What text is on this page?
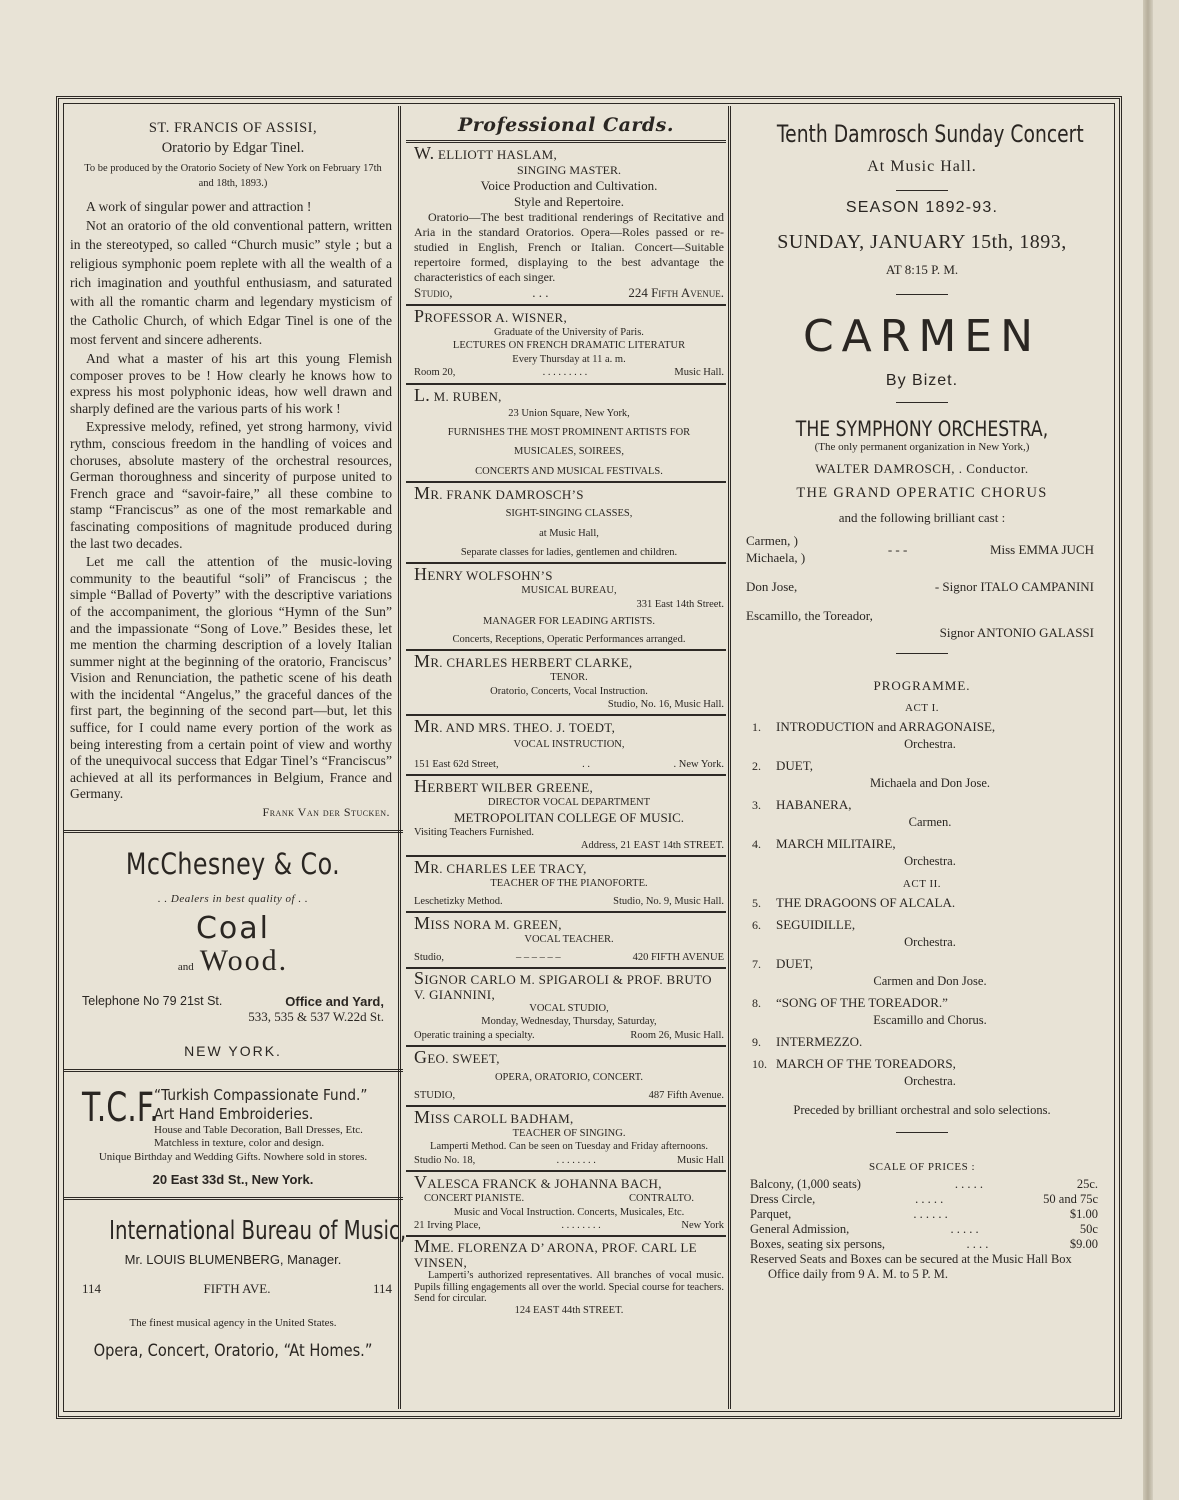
ST. FRANCIS OF ASSISI,
Oratorio by Edgar Tinel.
To be produced by the Oratorio Society of New York on February 17th and 18th, 1893.)

A work of singular power and attraction !

Not an oratorio of the old conventional pattern, written in the stereotyped, so called “Church music” style ; but a religious symphonic poem replete with all the wealth of a rich imagination and youthful enthusiasm, and saturated with all the romantic charm and legendary mysticism of the Catholic Church, of which Edgar Tinel is one of the most fervent and sincere adherents.

And what a master of his art this young Flemish composer proves to be ! How clearly he knows how to express his most polyphonic ideas, how well drawn and sharply defined are the various parts of his work !

Expressive melody, refined, yet strong harmony, vivid rythm, conscious freedom in the handling of voices and choruses, absolute mastery of the orchestral resources, German thoroughness and sincerity of purpose united to French grace and “savoir-faire,” all these combine to stamp “Franciscus” as one of the most remarkable and fascinating compositions of magnitude produced during the last two decades.

Let me call the attention of the music-loving community to the beautiful “soli” of Franciscus ; the simple “Ballad of Poverty” with the descriptive variations of the accompaniment, the glorious “Hymn of the Sun” and the impassionate “Song of Love.” Besides these, let me mention the charming description of a lovely Italian summer night at the beginning of the oratorio, Franciscus’ Vision and Renunciation, the pathetic scene of his death with the incidental “Angelus,” the graceful dances of the first part, the beginning of the second part—but, let this suffice, for I could name every portion of the work as being interesting from a certain point of view and worthy of the unequivocal success that Edgar Tinel’s “Franciscus” achieved at all its performances in Belgium, France and Germany.

Frank Van der Stucken.
McChesney & Co.
. . Dealers in best quality of . .
Coal
and Wood.
Telephone No 79 21st St.	Office and Yard,
533, 535 & 537 W.22d St.
NEW YORK.
T.C.F.
“Turkish Compassionate Fund.”
Art Hand Embroideries.
House and Table Decoration, Ball Dresses, Etc. Matchless in texture, color and design.
Unique Birthday and Wedding Gifts. Nowhere sold in stores.
20 East 33d St., New York.
International Bureau of Music,
Mr. LOUIS BLUMENBERG, Manager.
114	FIFTH AVE.	114
The finest musical agency in the United States.
Opera, Concert, Oratorio, “At Homes.”
Professional Cards.
W. ELLIOTT HASLAM,
SINGING MASTER.
Voice Production and Cultivation.
Style and Repertoire.
Oratorio—The best traditional renderings of Recitative and Aria in the standard Oratorios. Opera—Roles passed or re-studied in English, French or Italian. Concert—Suitable repertoire formed, displaying to the best advantage the characteristics of each singer.
Studio,	. . .	224 Fifth Avenue.
PROFESSOR A. WISNER,
Graduate of the University of Paris.
LECTURES ON FRENCH DRAMATIC LITERATUR
Every Thursday at 11 a. m.
Room 20,	. . . . . . . . .	Music Hall.
L. M. RUBEN,
23 Union Square, New York,
FURNISHES THE MOST PROMINENT ARTISTS FOR
MUSICALES, SOIREES,
CONCERTS AND MUSICAL FESTIVALS.
MR. FRANK DAMROSCH’S
SIGHT-SINGING CLASSES,
at Music Hall,
Separate classes for ladies, gentlemen and children.
HENRY WOLFSOHN’S
MUSICAL BUREAU,
331 East 14th Street.
MANAGER FOR LEADING ARTISTS.
Concerts, Receptions, Operatic Performances arranged.
MR. CHARLES HERBERT CLARKE,
TENOR.
Oratorio, Concerts, Vocal Instruction.
Studio, No. 16, Music Hall.
MR. AND MRS. THEO. J. TOEDT,
VOCAL INSTRUCTION,
151 East 62d Street,	. .	. New York.
HERBERT WILBER GREENE,
DIRECTOR VOCAL DEPARTMENT
METROPOLITAN COLLEGE OF MUSIC.
Visiting Teachers Furnished.
Address, 21 EAST 14th STREET.
MR. CHARLES LEE TRACY,
TEACHER OF THE PIANOFORTE.
Leschetizky Method.	Studio, No. 9, Music Hall.
MISS NORA M. GREEN,
VOCAL TEACHER.
Studio,	– – – – – –	420 FIFTH AVENUE
SIGNOR CARLO M. SPIGAROLI & PROF. BRUTO V. GIANNINI,
VOCAL STUDIO,
Monday, Wednesday, Thursday, Saturday,
Operatic training a specialty.	Room 26, Music Hall.
GEO. SWEET,
OPERA, ORATORIO, CONCERT.
STUDIO,	487 Fifth Avenue.
MISS CAROLL BADHAM,
TEACHER OF SINGING.
Lamperti Method. Can be seen on Tuesday and Friday afternoons.
Studio No. 18,	. . . . . . . .	Music Hall
VALESCA FRANCK & JOHANNA BACH,
CONCERT PIANISTE.	CONTRALTO.
Music and Vocal Instruction. Concerts, Musicales, Etc.
21 Irving Place,	. . . . . . . .	New York
MME. FLORENZA D’ ARONA, PROF. CARL LE VINSEN,
Lamperti’s authorized representatives. All branches of vocal music. Pupils filling engagements all over the world. Special course for teachers. Send for circular.
124 EAST 44th STREET.
Tenth Damrosch Sunday Concert
At Music Hall.
SEASON 1892-93.
SUNDAY, JANUARY 15th, 1893,
AT 8:15 P. M.
CARMEN
By Bizet.
THE SYMPHONY ORCHESTRA,
(The only permanent organization in New York,)
WALTER DAMROSCH, . Conductor.
THE GRAND OPERATIC CHORUS
and the following brilliant cast :
Carmen, )
Michaela, )
- - -	Miss EMMA JUCH
Don Jose,	- Signor ITALO CAMPANINI
Escamillo, the Toreador,
Signor ANTONIO GALASSI
PROGRAMME.
ACT I.
1. INTRODUCTION and ARRAGONAISE,
Orchestra.
2. DUET,
Michaela and Don Jose.
3. HABANERA,
Carmen.
4. MARCH MILITAIRE,
Orchestra.
ACT II.
5. THE DRAGOONS OF ALCALA.
6. SEGUIDILLE,
Orchestra.
7. DUET,
Carmen and Don Jose.
8. “SONG OF THE TOREADOR.”
Escamillo and Chorus.
9. INTERMEZZO.
10. MARCH OF THE TOREADORS,
Orchestra.
Preceded by brilliant orchestral and solo selections.
SCALE OF PRICES :
Balcony, (1,000 seats)	. . . . .	25c.
Dress Circle,	. . . . .	50 and 75c
Parquet,	. . . . . .	$1.00
General Admission,	. . . . .	50c
Boxes, seating six persons,	. . . .	$9.00
Reserved Seats and Boxes can be secured at the Music Hall Box Office daily from 9 A. M. to 5 P. M.
